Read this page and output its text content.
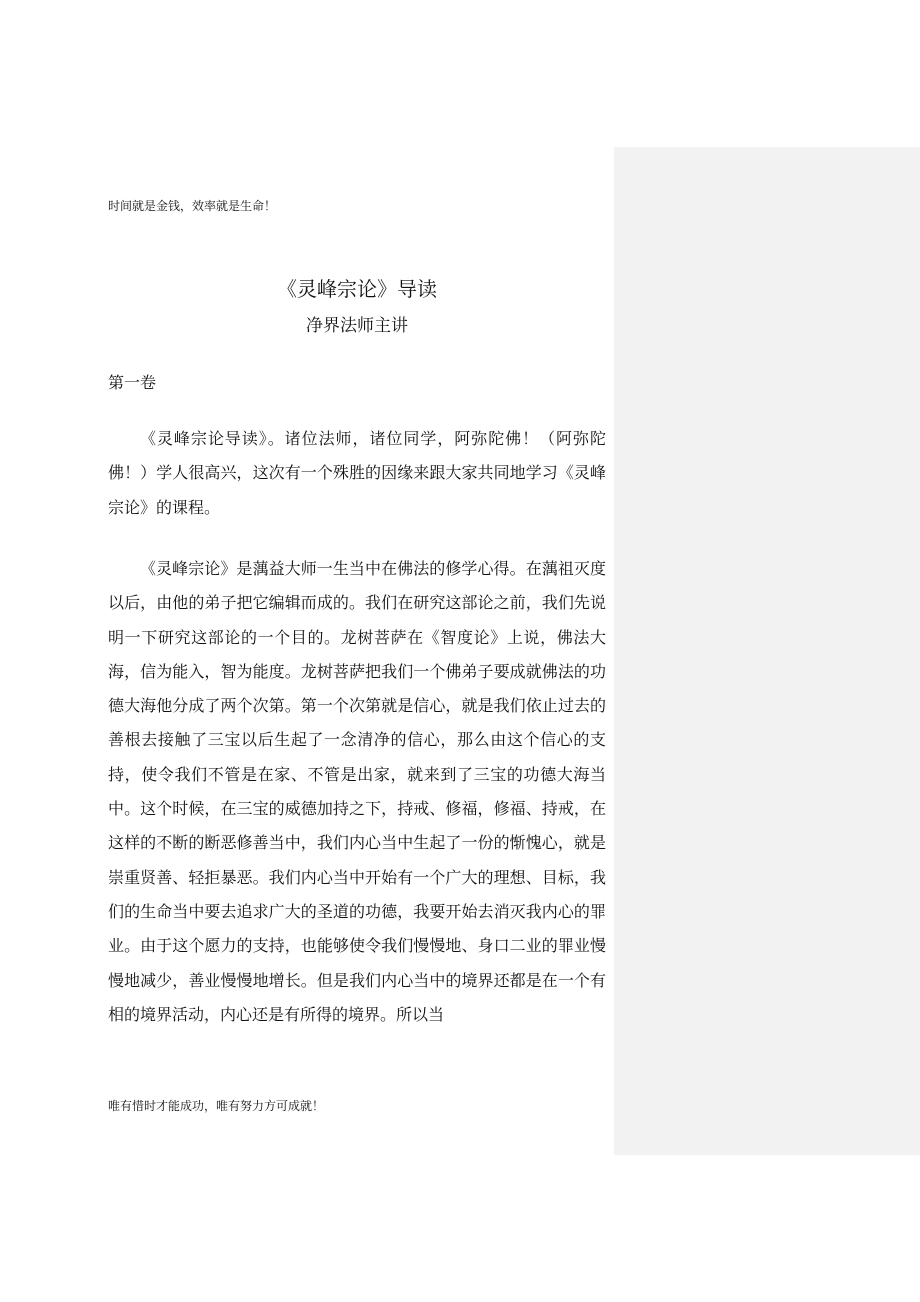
时间就是金钱，效率就是生命！
《灵峰宗论》导读
净界法师主讲
第一卷

《灵峰宗论导读》。诸位法师，诸位同学，阿弥陀佛！（阿弥陀佛！）学人很高兴，这次有一个殊胜的因缘来跟大家共同地学习《灵峰宗论》的课程。

《灵峰宗论》是蕅益大师一生当中在佛法的修学心得。在蕅祖灭度以后，由他的弟子把它编辑而成的。我们在研究这部论之前，我们先说明一下研究这部论的一个目的。龙树菩萨在《智度论》上说，佛法大海，信为能入，智为能度。龙树菩萨把我们一个佛弟子要成就佛法的功德大海他分成了两个次第。第一个次第就是信心，就是我们依止过去的善根去接触了三宝以后生起了一念清净的信心，那么由这个信心的支持，使令我们不管是在家、不管是出家，就来到了三宝的功德大海当中。这个时候，在三宝的威德加持之下，持戒、修福，修福、持戒，在这样的不断的断恶修善当中，我们内心当中生起了一份的惭愧心，就是崇重贤善、轻拒暴恶。我们内心当中开始有一个广大的理想、目标，我们的生命当中要去追求广大的圣道的功德，我要开始去消灭我内心的罪业。由于这个愿力的支持，也能够使令我们慢慢地、身口二业的罪业慢慢地减少，善业慢慢地增长。但是我们内心当中的境界还都是在一个有相的境界活动，内心还是有所得的境界。所以当

唯有惜时才能成功，唯有努力方可成就！
